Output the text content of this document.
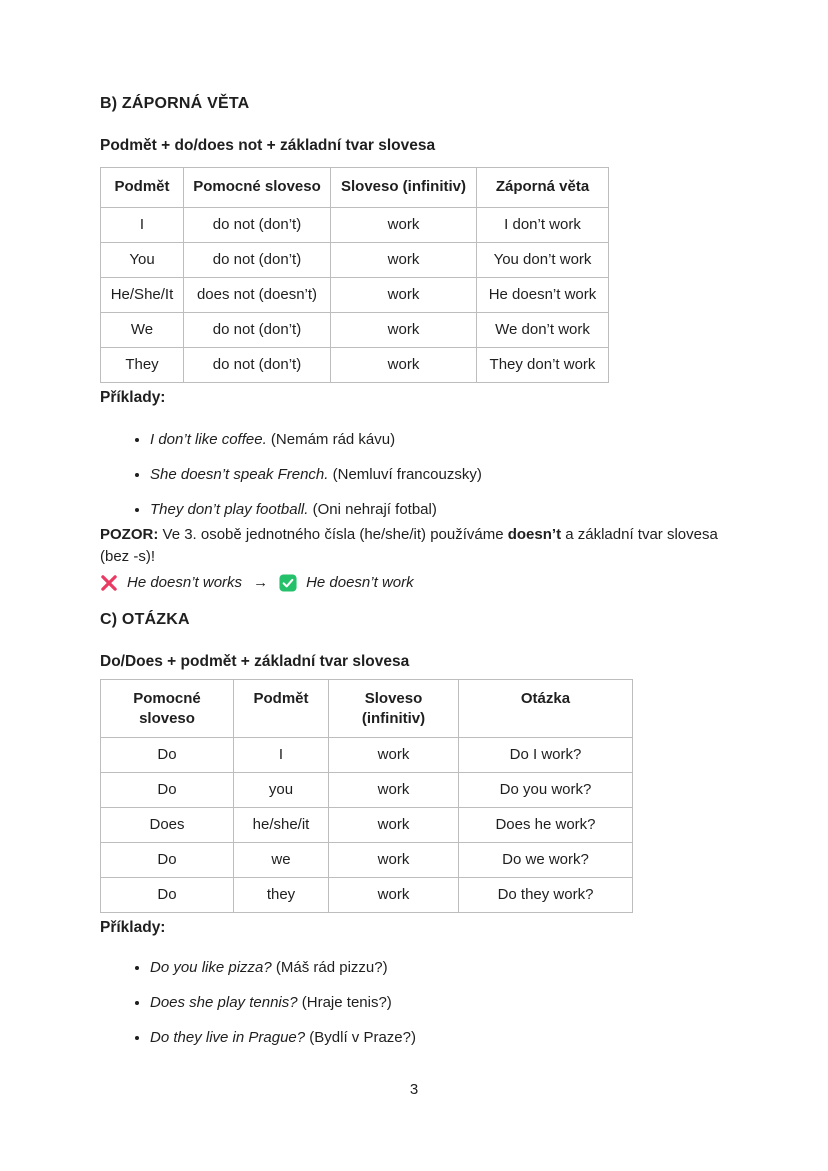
B) ZÁPORNÁ VĚTA

Podmět + do/does not + základní tvar slovesa

Podmět	Pomocné sloveso	Sloveso (infinitiv)	Záporná věta
I	do not (don’t)	work	I don’t work
You	do not (don’t)	work	You don’t work
He/She/It	does not (doesn’t)	work	He doesn’t work
We	do not (don’t)	work	We don’t work
They	do not (don’t)	work	They don’t work

Příklady:

• I don’t like coffee. (Nemám rád kávu)
• She doesn’t speak French. (Nemluví francouzsky)
• They don’t play football. (Oni nehrají fotbal)

POZOR: Ve 3. osobě jednotného čísla (he/she/it) používáme doesn’t a základní tvar slovesa (bez -s)!

He doesn’t works →	He doesn’t work

C) OTÁZKA

Do/Does + podmět + základní tvar slovesa

Pomocné sloveso	Podmět	Sloveso (infinitiv)	Otázka
Do	I	work	Do I work?
Do	you	work	Do you work?
Does	he/she/it	work	Does he work?
Do	we	work	Do we work?
Do	they	work	Do they work?

Příklady:

• Do you like pizza? (Máš rád pizzu?)
• Does she play tennis? (Hraje tenis?)
• Do they live in Prague? (Bydlí v Praze?)
3
